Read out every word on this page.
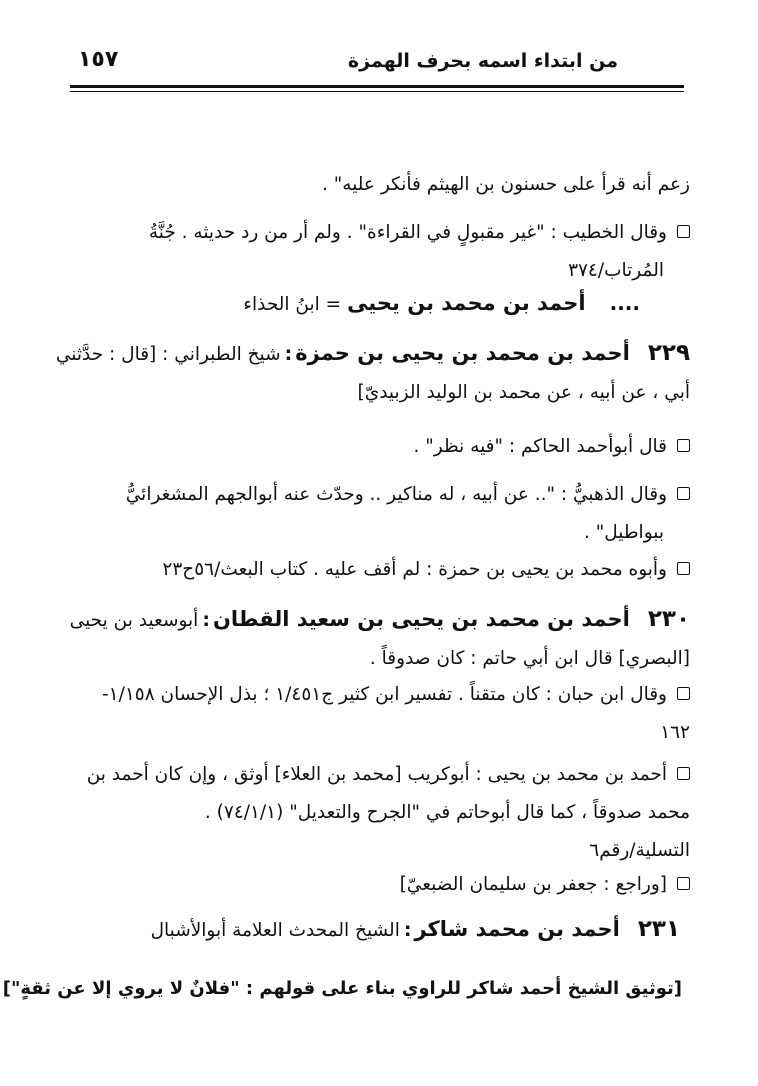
من ابتداء اسمه بحرف الهمزة
١٥٧
زعم أنه قرأ على حسنون بن الهيثم فأنكر عليه" .
وقال الخطيب : "غير مقبولٍ في القراءة" . ولم أر من رد حديثه . جُنَّةُ
المُرتاب/٣٧٤
....أحمد بن محمد بن يحيى = ابنُ الحذاء
٢٢٩أحمد بن محمد بن يحيى بن حمزة:شيخ الطبراني : [قال : حدَّثني
أبي ، عن أبيه ، عن محمد بن الوليد الزبيديّ]
قال أبوأحمد الحاكم : "فيه نظر" .
وقال الذهبيُّ : ".. عن أبيه ، له مناكير .. وحدّث عنه أبوالجهم المشغرائيُّ
ببواطيل" .
وأبوه محمد بن يحيى بن حمزة : لم أقف عليه . كتاب البعث/٥٦ح٢٣
٢٣٠أحمد بن محمد بن يحيى بن سعيد القطان:أبوسعيد بن يحيى
[البصري] قال ابن أبي حاتم : كان صدوقاً .
وقال ابن حبان : كان متقناً . تفسير ابن كثير ج١/٤٥١ ؛ بذل الإحسان ١/١٥٨-
١٦٢
أحمد بن محمد بن يحيى : أبوكريب [محمد بن العلاء] أوثق ، وإن كان أحمد بن
محمد صدوقاً ، كما قال أبوحاتم في "الجرح والتعديل" (٧٤/١/١) .
التسلية/رقم٦
[وراجع : جعفر بن سليمان الضبعيّ]
٢٣١أحمد بن محمد شاكر:الشيخ المحدث العلامة أبوالأشبال
[توثيق الشيخ أحمد شاكر للراوي بناء على قولهم : "فلانٌ لا يروي إلا عن ثقةٍ"]
